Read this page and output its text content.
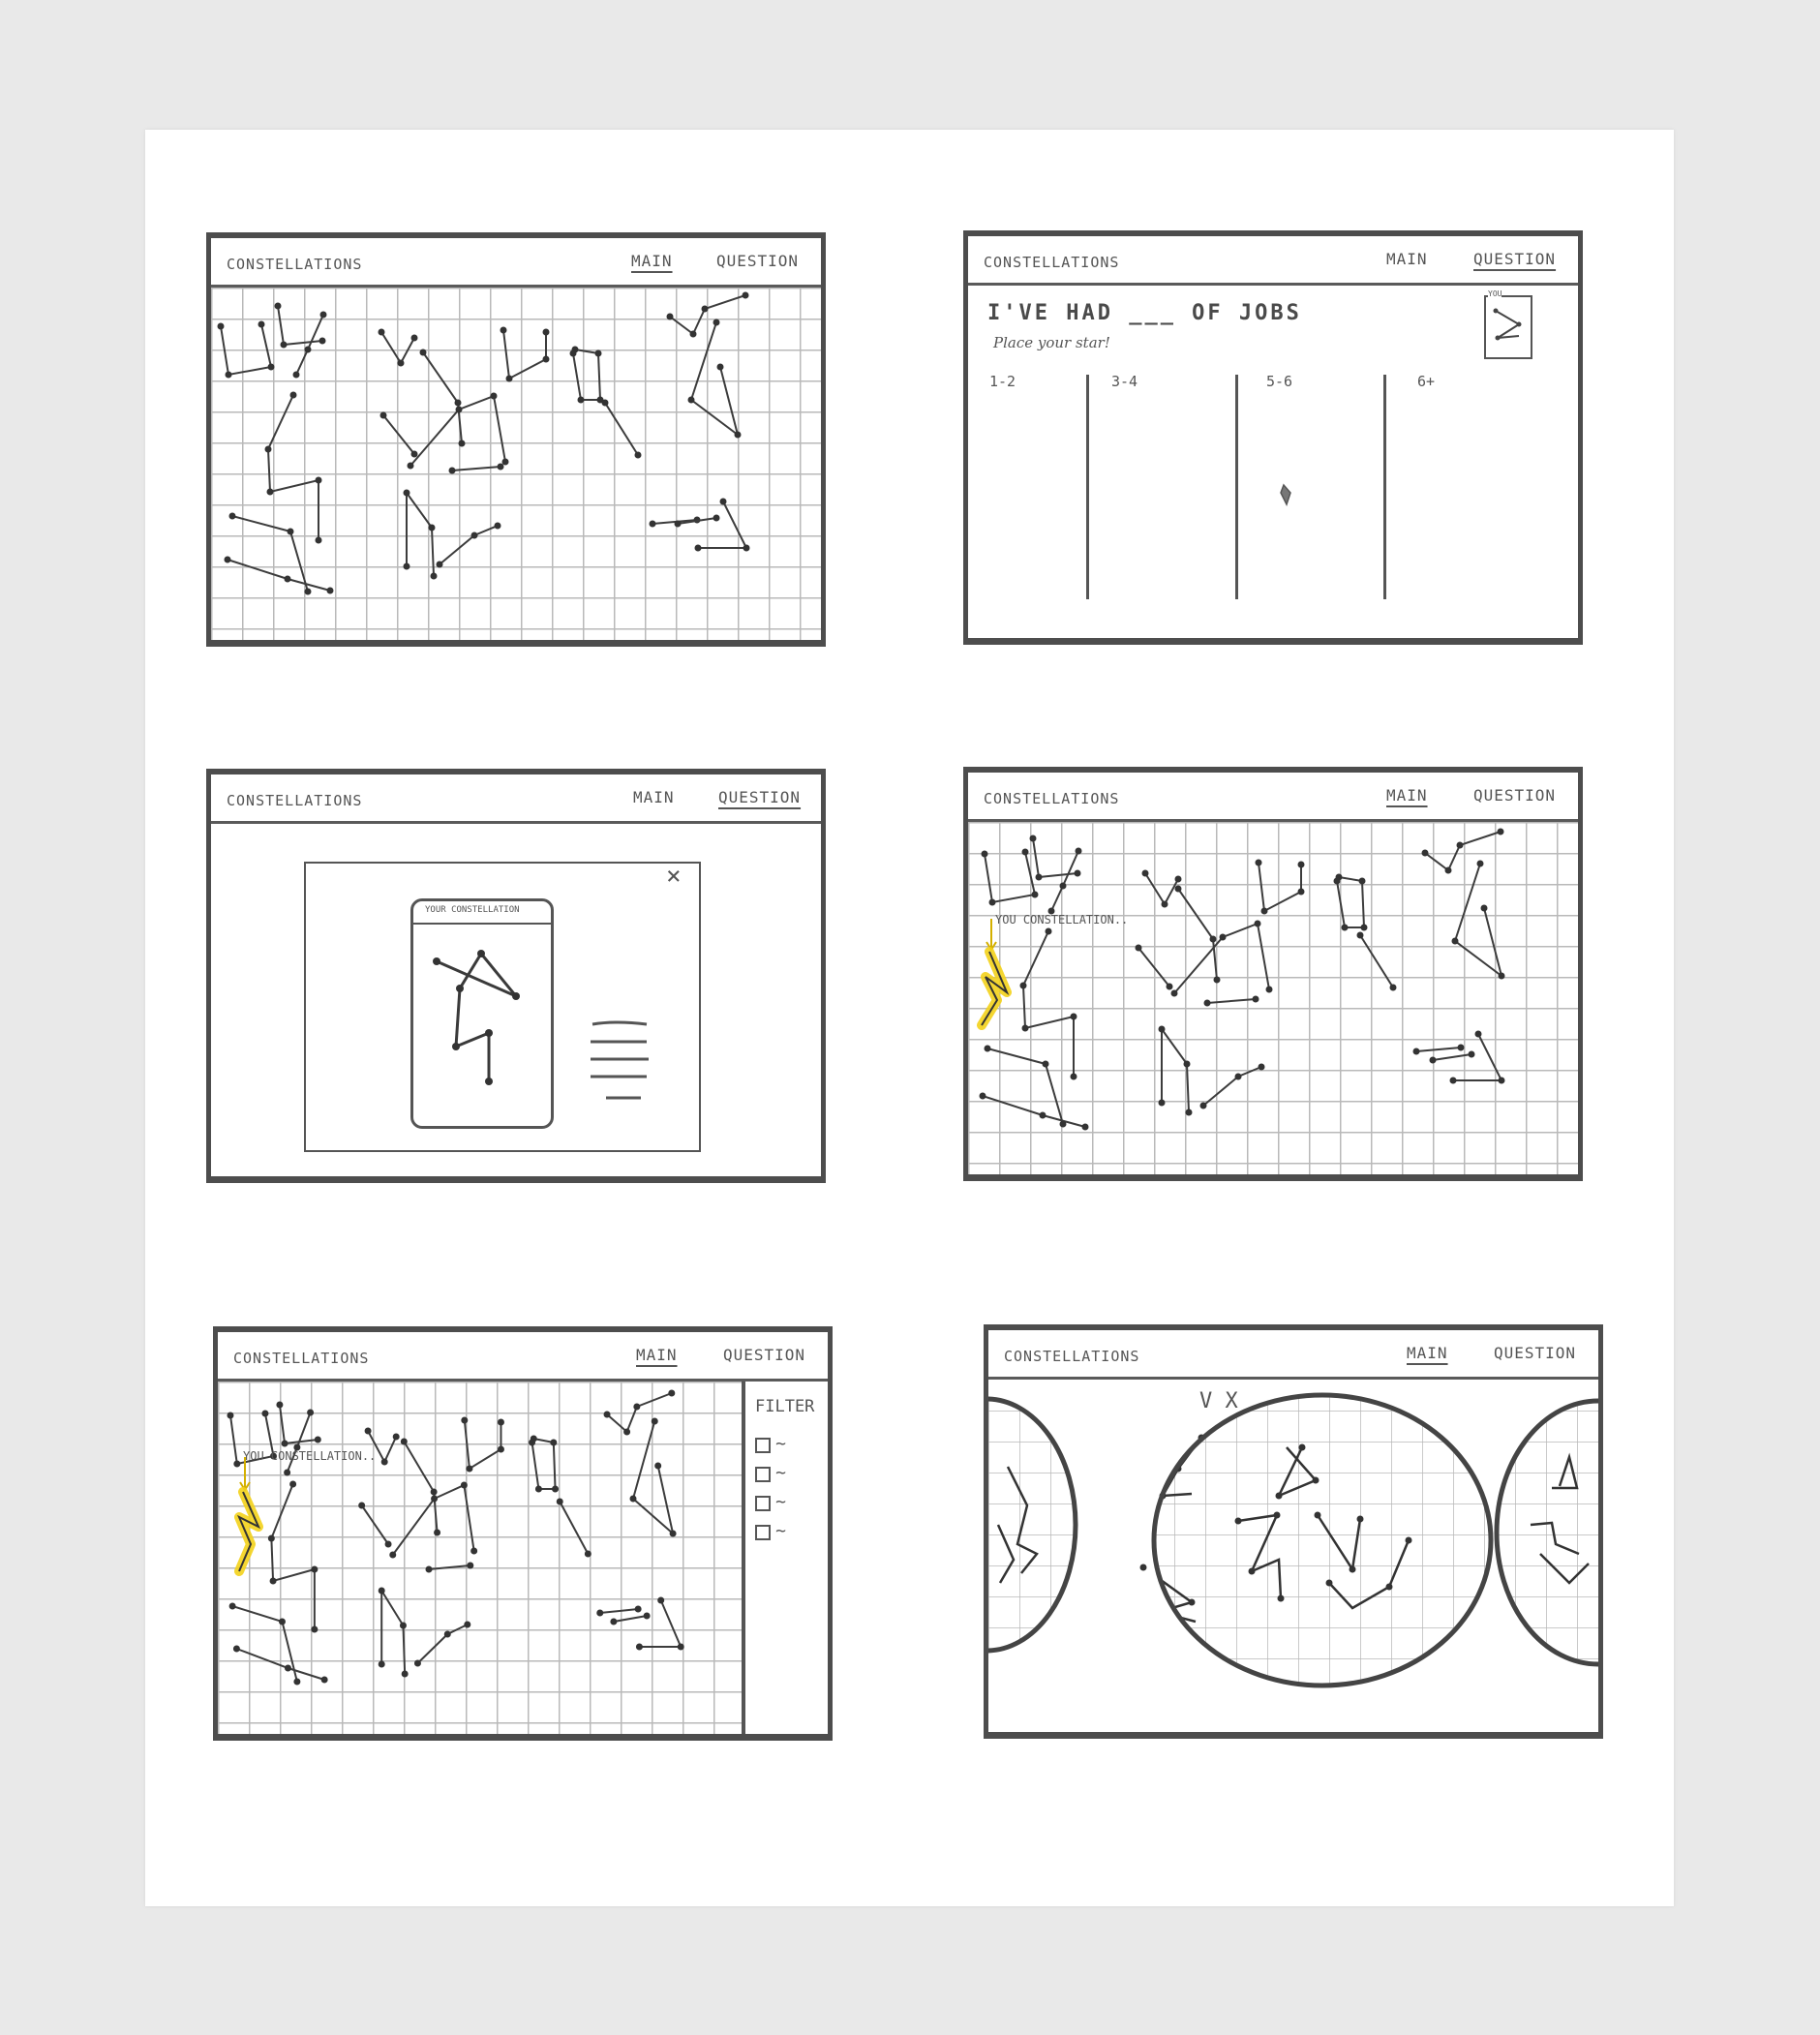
CONSTELLATIONS	MAIN	QUESTION	CONSTELLATIONS	MAIN	QUESTION
I'VE HAD ___ OF JOBS
Place your star!
YOU
1-2	3-4	5-6	6+
CONSTELLATIONS	MAIN	QUESTION
×
YOUR CONSTELLATION
CONSTELLATIONS	MAIN	QUESTION
YOU CONSTELLATION..
CONSTELLATIONS	MAIN	QUESTION
YOU CONSTELLATION..
FILTER
~
~
~
~
CONSTELLATIONS	MAIN	QUESTION
V X
